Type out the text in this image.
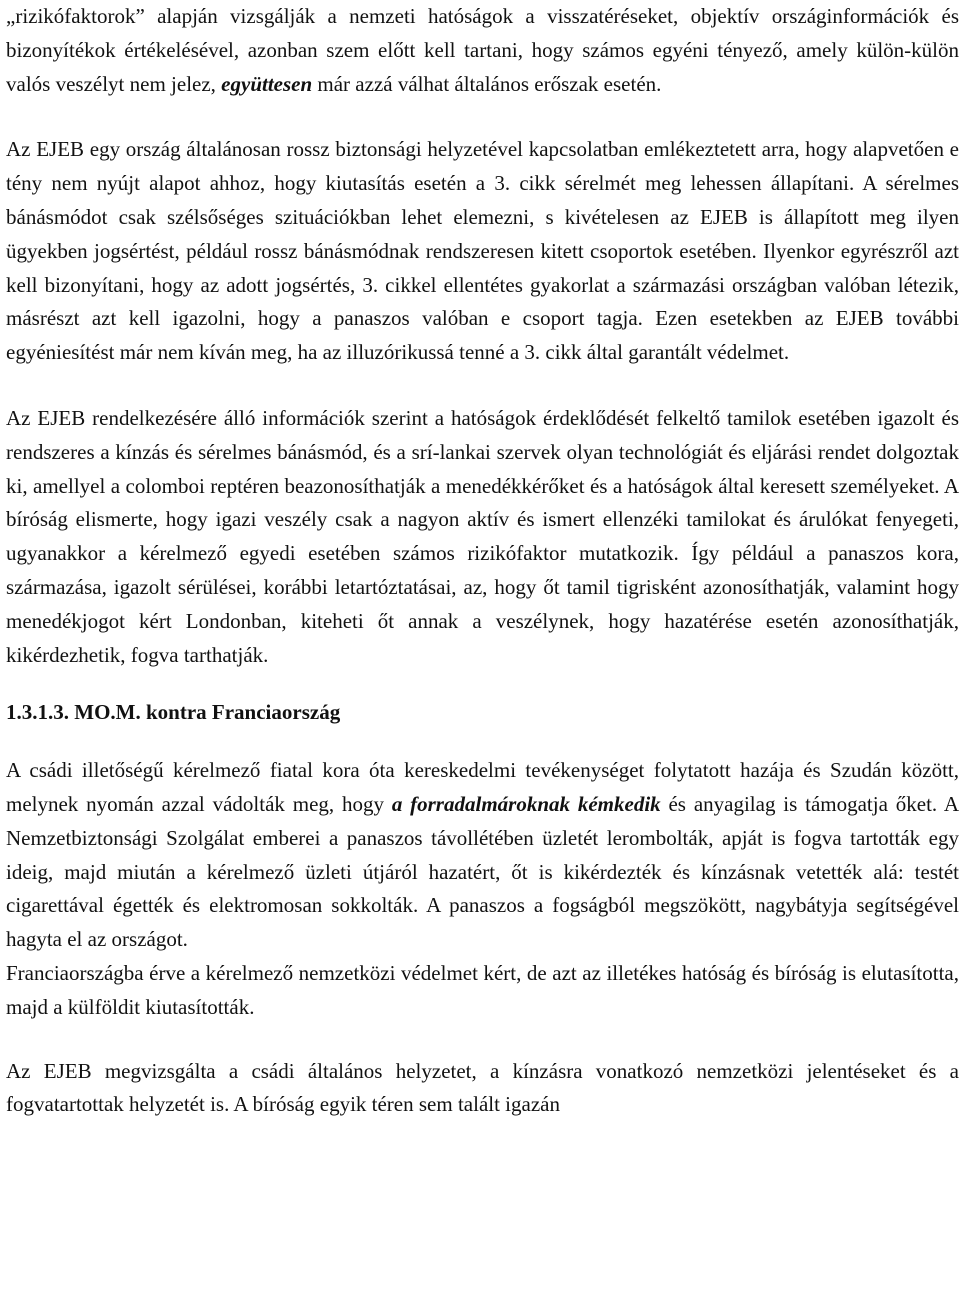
„rizikófaktorok” alapján vizsgálják a nemzeti hatóságok a visszatéréseket, objektív országinformációk és bizonyítékok értékelésével, azonban szem előtt kell tartani, hogy számos egyéni tényező, amely külön-külön valós veszélyt nem jelez, együttesen már azzá válhat általános erőszak esetén.

Az EJEB egy ország általánosan rossz biztonsági helyzetével kapcsolatban emlékeztetett arra, hogy alapvetően e tény nem nyújt alapot ahhoz, hogy kiutasítás esetén a 3. cikk sérelmét meg lehessen állapítani. A sérelmes bánásmódot csak szélsőséges szituációkban lehet elemezni, s kivételesen az EJEB is állapított meg ilyen ügyekben jogsértést, például rossz bánásmódnak rendszeresen kitett csoportok esetében. Ilyenkor egyrészről azt kell bizonyítani, hogy az adott jogsértés, 3. cikkel ellentétes gyakorlat a származási országban valóban létezik, másrészt azt kell igazolni, hogy a panaszos valóban e csoport tagja. Ezen esetekben az EJEB további egyéniesítést már nem kíván meg, ha az illuzórikussá tenné a 3. cikk által garantált védelmet.

Az EJEB rendelkezésére álló információk szerint a hatóságok érdeklődését felkeltő tamilok esetében igazolt és rendszeres a kínzás és sérelmes bánásmód, és a srí-lankai szervek olyan technológiát és eljárási rendet dolgoztak ki, amellyel a colomboi reptéren beazonosíthatják a menedékkérőket és a hatóságok által keresett személyeket. A bíróság elismerte, hogy igazi veszély csak a nagyon aktív és ismert ellenzéki tamilokat és árulókat fenyegeti, ugyanakkor a kérelmező egyedi esetében számos rizikófaktor mutatkozik. Így például a panaszos kora, származása, igazolt sérülései, korábbi letartóztatásai, az, hogy őt tamil tigrisként azonosíthatják, valamint hogy menedékjogot kért Londonban, kiteheti őt annak a veszélynek, hogy hazatérése esetén azonosíthatják, kikérdezhetik, fogva tarthatják.

1.3.1.3. MO.M. kontra Franciaország

A csádi illetőségű kérelmező fiatal kora óta kereskedelmi tevékenységet folytatott hazája és Szudán között, melynek nyomán azzal vádolták meg, hogy a forradalmároknak kémkedik és anyagilag is támogatja őket. A Nemzetbiztonsági Szolgálat emberei a panaszos távollétében üzletét lerombolták, apját is fogva tartották egy ideig, majd miután a kérelmező üzleti útjáról hazatért, őt is kikérdezték és kínzásnak vetették alá: testét cigarettával égették és elektromosan sokkolták. A panaszos a fogságból megszökött, nagybátyja segítségével hagyta el az országot.

Franciaországba érve a kérelmező nemzetközi védelmet kért, de azt az illetékes hatóság és bíróság is elutasította, majd a külföldit kiutasították.

Az EJEB megvizsgálta a csádi általános helyzetet, a kínzásra vonatkozó nemzetközi jelentéseket és a fogvatartottak helyzetét is. A bíróság egyik téren sem talált igazán
